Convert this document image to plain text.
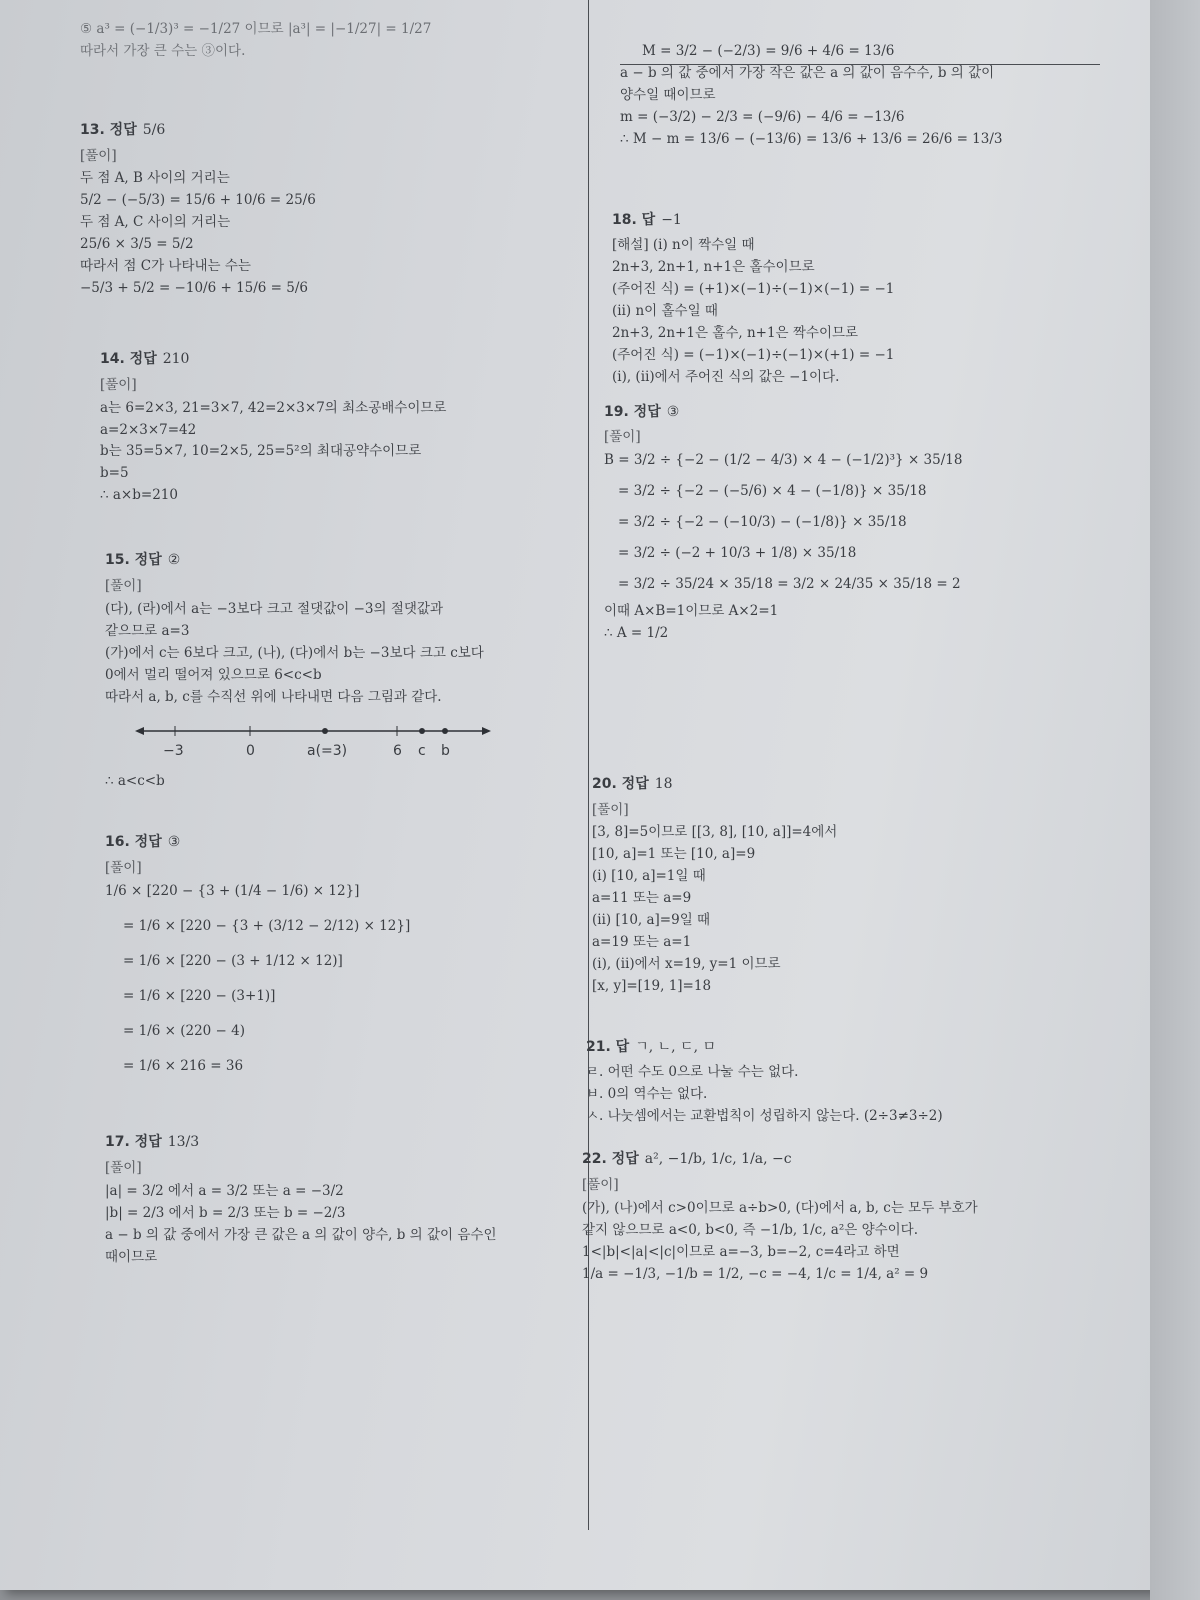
⑤ a³ = (−1/3)³ = −1/27 이므로 |a³| = |−1/27| = 1/27
따라서 가장 큰 수는 ③이다.
13. 정답 5/6
[풀이]
두 점 A, B 사이의 거리는
5/2 − (−5/3) = 15/6 + 10/6 = 25/6
두 점 A, C 사이의 거리는
25/6 × 3/5 = 5/2
따라서 점 C가 나타내는 수는
−5/3 + 5/2 = −10/6 + 15/6 = 5/6
14. 정답 210
[풀이]
a는 6=2×3, 21=3×7, 42=2×3×7의 최소공배수이므로
a=2×3×7=42
b는 35=5×7, 10=2×5, 25=5²의 최대공약수이므로
b=5
∴ a×b=210
15. 정답 ②
[풀이]
(다), (라)에서 a는 −3보다 크고 절댓값이 −3의 절댓값과
같으므로 a=3
(가)에서 c는 6보다 크고, (나), (다)에서 b는 −3보다 크고 c보다
0에서 멀리 떨어져 있으므로 6<c<b
따라서 a, b, c를 수직선 위에 나타내면 다음 그림과 같다.
−3	0	a(=3)	6 c b
∴ a<c<b
16. 정답 ③
[풀이]
1/6 × [220 − {3 + (1/4 − 1/6) × 12}]
= 1/6 × [220 − {3 + (3/12 − 2/12) × 12}]
= 1/6 × [220 − (3 + 1/12 × 12)]
= 1/6 × [220 − (3+1)]
= 1/6 × (220 − 4)
= 1/6 × 216 = 36
17. 정답 13/3
[풀이]
|a| = 3/2 에서 a = 3/2 또는 a = −3/2
|b| = 2/3 에서 b = 2/3 또는 b = −2/3
a − b 의 값 중에서 가장 큰 값은 a 의 값이 양수, b 의 값이 음수인
때이므로
M = 3/2 − (−2/3) = 9/6 + 4/6 = 13/6
a − b 의 값 중에서 가장 작은 값은 a 의 값이 음수수, b 의 값이
양수일 때이므로
m = (−3/2) − 2/3 = (−9/6) − 4/6 = −13/6
∴ M − m = 13/6 − (−13/6) = 13/6 + 13/6 = 26/6 = 13/3
18. 답 −1
[해설] (ⅰ) n이 짝수일 때
2n+3, 2n+1, n+1은 홀수이므로
(주어진 식) = (+1)×(−1)÷(−1)×(−1) = −1
(ⅱ) n이 홀수일 때
2n+3, 2n+1은 홀수, n+1은 짝수이므로
(주어진 식) = (−1)×(−1)÷(−1)×(+1) = −1
(ⅰ), (ⅱ)에서 주어진 식의 값은 −1이다.
19. 정답 ③
[풀이]
B = 3/2 ÷ {−2 − (1/2 − 4/3) × 4 − (−1/2)³} × 35/18
= 3/2 ÷ {−2 − (−5/6) × 4 − (−1/8)} × 35/18
= 3/2 ÷ {−2 − (−10/3) − (−1/8)} × 35/18
= 3/2 ÷ (−2 + 10/3 + 1/8) × 35/18
= 3/2 ÷ 35/24 × 35/18 = 3/2 × 24/35 × 35/18 = 2
이때 A×B=1이므로 A×2=1
∴ A = 1/2
20. 정답 18
[풀이]
[3, 8]=5이므로 [[3, 8], [10, a]]=4에서
[10, a]=1 또는 [10, a]=9
(ⅰ) [10, a]=1일 때
a=11 또는 a=9
(ⅱ) [10, a]=9일 때
a=19 또는 a=1
(ⅰ), (ⅱ)에서 x=19, y=1 이므로
[x, y]=[19, 1]=18
21. 답 ㄱ, ㄴ, ㄷ, ㅁ
ㄹ. 어떤 수도 0으로 나눌 수는 없다.
ㅂ. 0의 역수는 없다.
ㅅ. 나눗셈에서는 교환법칙이 성립하지 않는다. (2÷3≠3÷2)
22. 정답 a², −1/b, 1/c, 1/a, −c
[풀이]
(가), (나)에서 c>0이므로 a÷b>0, (다)에서 a, b, c는 모두 부호가
같지 않으므로 a<0, b<0, 즉 −1/b, 1/c, a²은 양수이다.
1<|b|<|a|<|c|이므로 a=−3, b=−2, c=4라고 하면
1/a = −1/3, −1/b = 1/2, −c = −4, 1/c = 1/4, a² = 9
